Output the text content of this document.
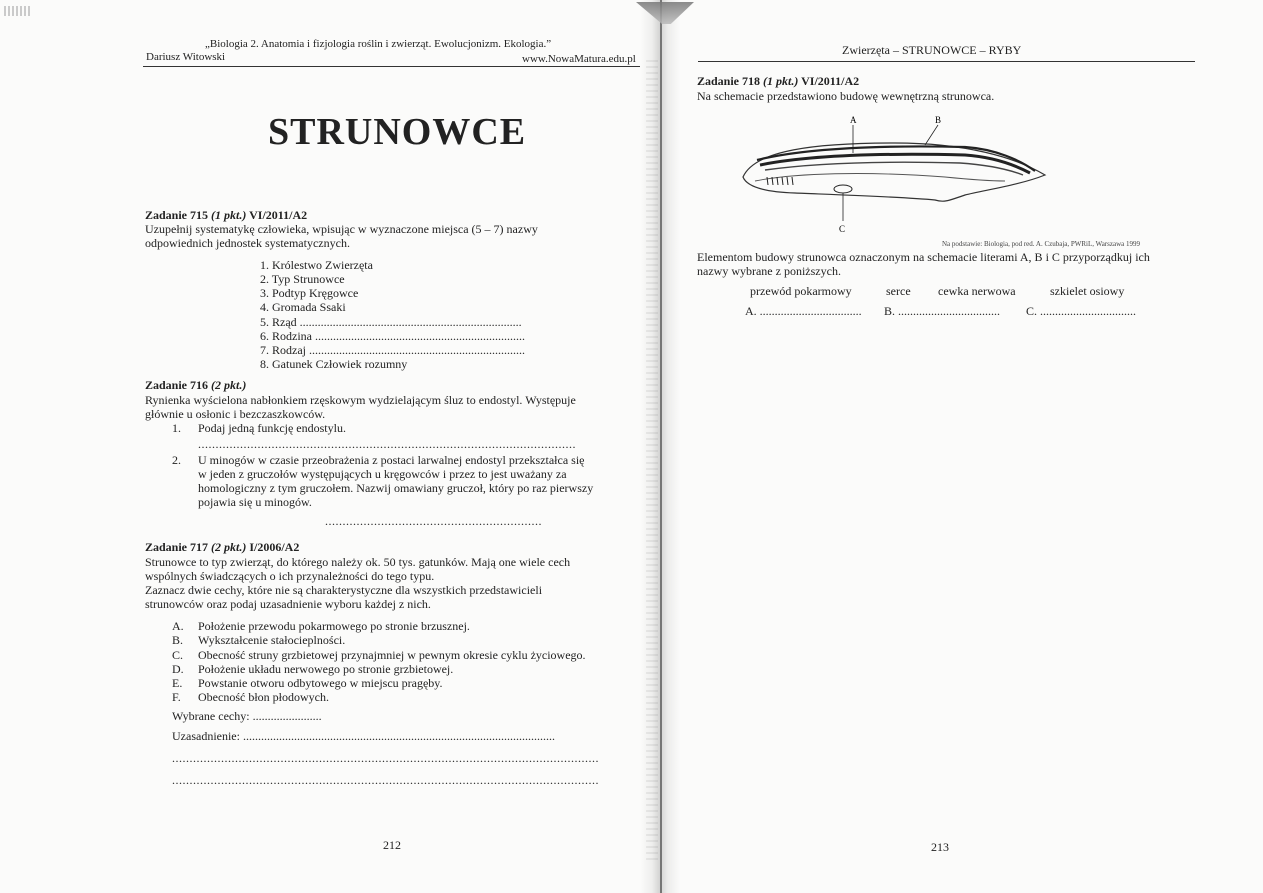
„Biologia 2. Anatomia i fizjologia roślin i zwierząt. Ewolucjonizm. Ekologia.”
Dariusz Witowski	www.NowaMatura.edu.pl
STRUNOWCE
Zadanie 715 (1 pkt.) VI/2011/A2
Uzupełnij systematykę człowieka, wpisując w wyznaczone miejsca (5 – 7) nazwy
odpowiednich jednostek systematycznych.
1. Królestwo Zwierzęta
2. Typ Strunowce
3. Podtyp Kręgowce
4. Gromada Ssaki
5. Rząd ..........................................................................
6. Rodzina ......................................................................
7. Rodzaj ........................................................................
8. Gatunek Człowiek rozumny
Zadanie 716 (2 pkt.)
Rynienka wyścielona nabłonkiem rzęskowym wydzielającym śluz to endostyl. Występuje
głównie u osłonic i bezczaszkowców.
1. Podaj jedną funkcję endostylu.
............................................................................................................
2. U minogów w czasie przeobrażenia z postaci larwalnej endostyl przekształca się
w jeden z gruczołów występujących u kręgowców i przez to jest uważany za
homologiczny z tym gruczołem. Nazwij omawiany gruczoł, który po raz pierwszy
pojawia się u minogów.
..............................................................
Zadanie 717 (2 pkt.) I/2006/A2
Strunowce to typ zwierząt, do którego należy ok. 50 tys. gatunków. Mają one wiele cech
wspólnych świadczących o ich przynależności do tego typu.
Zaznacz dwie cechy, które nie są charakterystyczne dla wszystkich przedstawicieli
strunowców oraz podaj uzasadnienie wyboru każdej z nich.
A. Położenie przewodu pokarmowego po stronie brzusznej.
B. Wykształcenie stałocieplności.
C. Obecność struny grzbietowej przynajmniej w pewnym okresie cyklu życiowego.
D. Położenie układu nerwowego po stronie grzbietowej.
E. Powstanie otworu odbytowego w miejscu pragęby.
F. Obecność błon płodowych.
Wybrane cechy: .......................
Uzasadnienie: ........................................................................................................
..........................................................................................................................
..........................................................................................................................
212
Zwierzęta – STRUNOWCE – RYBY
Zadanie 718 (1 pkt.) VI/2011/A2
Na schemacie przedstawiono budowę wewnętrzną strunowca.
A	B
C
Na podstawie: Biologia, pod red. A. Czubaja, PWRiL, Warszawa 1999
Elementom budowy strunowca oznaczonym na schemacie literami A, B i C przyporządkuj ich
nazwy wybrane z poniższych.
przewód pokarmowy	serce cewka nerwowa	szkielet osiowy
A. .................................. B. .................................. C. ................................
213
